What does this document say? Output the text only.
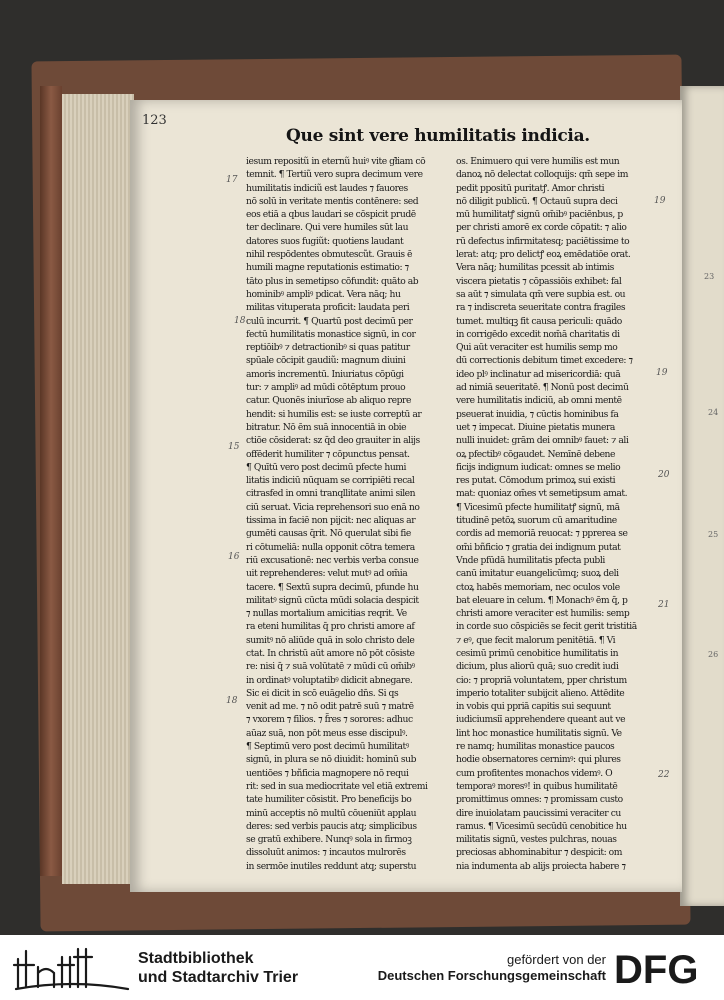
123
Que sint vere humilitatis indicia.
iesum repositũ in eternũ huiꝰ vite gł̃iam cō
temnit. ¶ Tertiũ vero supra decimum vere
humilitatis indiciũ est laudes ⁊ fauores
nō solū in veritate mentis contēnere: sed
eos etiā a qbus laudari se cōspicit prudē
ter declinare. Qui vere humiles sūt lau
datores suos fugiũt: quotiens laudant
nihil respōdentes obmutescũt. Grauis ē
humili magne reputationis estimatio: ⁊
tāto plus in semetipso cōfundit: quāto ab
hominibꝰ ampliꝰ pdicat. Vera nāq; hu
militas vituperata proficit: laudata peri
culū incurrit. ¶ Quartū post decimū per
fectū humilitatis monastice signū, in cor
reptiōibꝰ ⁊ detractionibꝰ si quas patitur
spūale cōcipit gaudiũ: magnum diuini
amoris incrementū. Iniuriatus cōpūgi
tur: ⁊ ampliꝰ ad mūdi cōtēptum prouo
catur. Quonēs iniurīose ab aliquo repre
hendit: si humilis est: se iuste correptū ar
bitratur. Nō ēm suā innocentiā in obie
ctiōe cōsiderat: sz q̄d deo grauiter in alijs
offēderit humiliter ⁊ cōpunctus pensat.
¶ Quītū vero post decimū pfecte humi
litatis indiciū nūquam se corripiēti recal
citrasfed in omni tranqllitate animi silen
ciū seruat. Vicia reprehensori suo enā no
tissima in faciē non pijcit: nec aliquas ar
gumēti causas q̄rit. Nō querulat sibi fie
ri cōtumeliā: nulla opponit cōtra temera
riū excusationē: nec verbis verba consue
uit reprehenderes: velut mutꝰ ad om̄ia
tacere. ¶ Sextū supra decimū, pfunde hu
militatꝰ signū cūcta mūdi solacia despicit
⁊ nullas mortalium amicitias reqrit. Ve
ra eteni humilitas q̄ pro christi amore af
sumitꝰ nō aliūde quā in solo christo dele
ctat. In christū aūt amore nō pōt cōsiste
re: nisi q̄ ⁊ suā volūtatē ⁊ mūdi cū om̄ibꝰ
in ordinatꝰ voluptatibꝰ didicit abnegare.
Sic ei dicit in scō euāgelio dn̄s. Si qs
venit ad me. ⁊ nō odit patrē suū ⁊ matrē
⁊ vxorem ⁊ filios. ⁊ f̃res ⁊ sorores: adhuc
aūaz suā, non pōt meus esse discipulꝰ.
¶ Septimū vero post decimū humilitatꝰ
signū, in plura se nō diuidit: hominū sub
uentiōes ⁊ bñficia magnopere nō requi
rit: sed in sua mediocritate vel etiā extremi
tate humiliter cōsistit. Pro beneficijs bo
minū acceptis nō multū cōueniūt applau
deres: sed verbis paucis atq; simplicibus
se gratū exhibere. Nunqꝰ sola in firmoꝫ
dissoluūt animos: ⁊ incautos mulrorēs
in sermōe inutiles reddunt atq; superstu
os. Enimuero qui vere humilis est mun
danoꝝ nō delectat colloquijs: qm̄ sepe im
pedit ppositū puritatꝭ. Amor christi
nō diligit publicū. ¶ Octauū supra deci
mū humilitatꝭ signū om̄ibꝰ paciēnbus, p
per christi amorē ex corde cōpatit: ⁊ alio
rū defectus infirmitatesq; paciētissime to
lerat: atq; pro delictꝭ eoꝝ emēdatiōe orat.
Vera nāq; humilitas pcessit ab intimis
viscera pietatis ⁊ cōpassiōis exhibet: fal
sa aūt ⁊ simulata qm̄ vere supbia est. ou
ra ⁊ indiscreta seueritate contra fragiles
tumet. multiqꝫ fit causa periculi: quādo
in corrigēdo excedit nom̄ā charitatis di
Qui aūt veraciter est humilis semp mo
dū correctionis debitum timet excedere: ⁊
ideo plꝰ inclinatur ad misericordiā: quā
ad nimiā seueritatē. ¶ Nonū post decimū
vere humilitatis indiciū, ab omni mentē
pseuerat inuidia, ⁊ cūctis hominibus fa
uet ⁊ impecat. Diuine pietatis munera
nulli inuidet: grām dei omnibꝰ fauet: ⁊ ali
oꝝ pfectibꝰ cōgaudet. Nemīnē debene
ficijs indignum iudicat: omnes se melio
res putat. Cōmodum primoꝝ sui existi
mat: quoniaz om̄es vt semetipsum amat.
¶ Vicesimū pfecte humilitatꝭ signū, mā
titudinē petōꝝ suorum cū amaritudine
cordis ad memoriā reuocat: ⁊ pprerea se
om̄i bñficio ⁊ gratia dei indignum putat
Vnde pfūdā humilitatis pfecta publi
canū imitatur euangelicūmq; suoꝝ deli
ctoꝝ habēs memoriam, nec oculos vole
bat eleuare in celum. ¶ Monachꝰ ēm q̄, p
christi amore veraciter est humilis: semp
in corde suo cōspiciēs se fecit gerit tristitiā
⁊ eꝰ, que fecit malorum penitētiā. ¶ Vi
cesimū primū cenobitice humilitatis in
dicium, plus aliorū quā; suo credit iudi
cio: ⁊ propriā voluntatem, pper christum
imperio totaliter subijcit alieno. Attēdite
in vobis qui ppriā capitis sui sequunt
iudiciumsiī apprehendere queant aut ve
lint hoc monastice humilitatis signū. Ve
re namq; humilitas monastice paucos
hodie obsernatores cernimꝰ: qui plures
cum profitentes monachos videmꝰ. O
temporaꝰ moresꝰ! in quibus humilitatē
promittimus omnes: ⁊ promissam custo
dire inuiolatam paucissimi veraciter cu
ramus. ¶ Vicesimū secūdū cenobitice hu
militatis signū, vestes pulchras, nouas
preciosas abhominabitur ⁊ despicit: om
nia indumenta ab alijs proiecta habere ⁊
17
18
15
16
18
19
19
20
21
22
23
24
25
26
Stadtbibliothek
und Stadtarchiv Trier
gefördert von der
Deutschen Forschungsgemeinschaft DFG
